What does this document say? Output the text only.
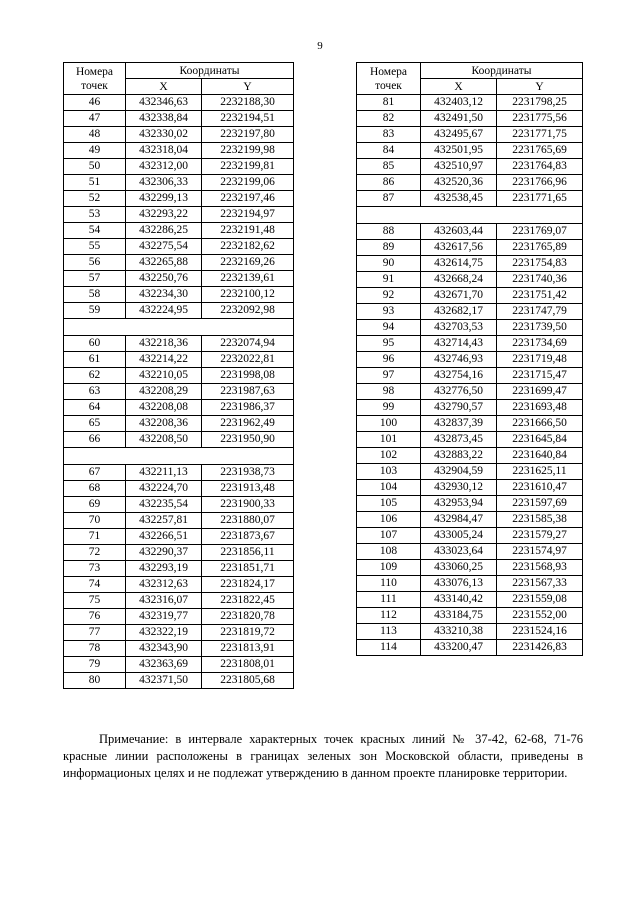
9
Номера точек	Координаты	
	X	Y
46	432346,63	2232188,30
47	432338,84	2232194,51
48	432330,02	2232197,80
49	432318,04	2232199,98
50	432312,00	2232199,81
51	432306,33	2232199,06
52	432299,13	2232197,46
53	432293,22	2232194,97
54	432286,25	2232191,48
55	432275,54	2232182,62
56	432265,88	2232169,26
57	432250,76	2232139,61
58	432234,30	2232100,12
59	432224,95	2232092,98

60	432218,36	2232074,94
61	432214,22	2232022,81
62	432210,05	2231998,08
63	432208,29	2231987,63
64	432208,08	2231986,37
65	432208,36	2231962,49
66	432208,50	2231950,90

67	432211,13	2231938,73
68	432224,70	2231913,48
69	432235,54	2231900,33
70	432257,81	2231880,07
71	432266,51	2231873,67
72	432290,37	2231856,11
73	432293,19	2231851,71
74	432312,63	2231824,17
75	432316,07	2231822,45
76	432319,77	2231820,78
77	432322,19	2231819,72
78	432343,90	2231813,91
79	432363,69	2231808,01
80	432371,50	2231805,68
Номера точек	Координаты	
	X	Y
81	432403,12	2231798,25
82	432491,50	2231775,56
83	432495,67	2231771,75
84	432501,95	2231765,69
85	432510,97	2231764,83
86	432520,36	2231766,96
87	432538,45	2231771,65

88	432603,44	2231769,07
89	432617,56	2231765,89
90	432614,75	2231754,83
91	432668,24	2231740,36
92	432671,70	2231751,42
93	432682,17	2231747,79
94	432703,53	2231739,50
95	432714,43	2231734,69
96	432746,93	2231719,48
97	432754,16	2231715,47
98	432776,50	2231699,47
99	432790,57	2231693,48
100	432837,39	2231666,50
101	432873,45	2231645,84
102	432883,22	2231640,84
103	432904,59	2231625,11
104	432930,12	2231610,47
105	432953,94	2231597,69
106	432984,47	2231585,38
107	433005,24	2231579,27
108	433023,64	2231574,97
109	433060,25	2231568,93
110	433076,13	2231567,33
111	433140,42	2231559,08
112	433184,75	2231552,00
113	433210,38	2231524,16
114	433200,47	2231426,83
Примечание: в интервале характерных точек красных линий № 37-42, 62-68, 71-76 красные линии расположены в границах зеленых зон Московской области, приведены в информационых целях и не подлежат утверждению в данном проекте планировке территории.
